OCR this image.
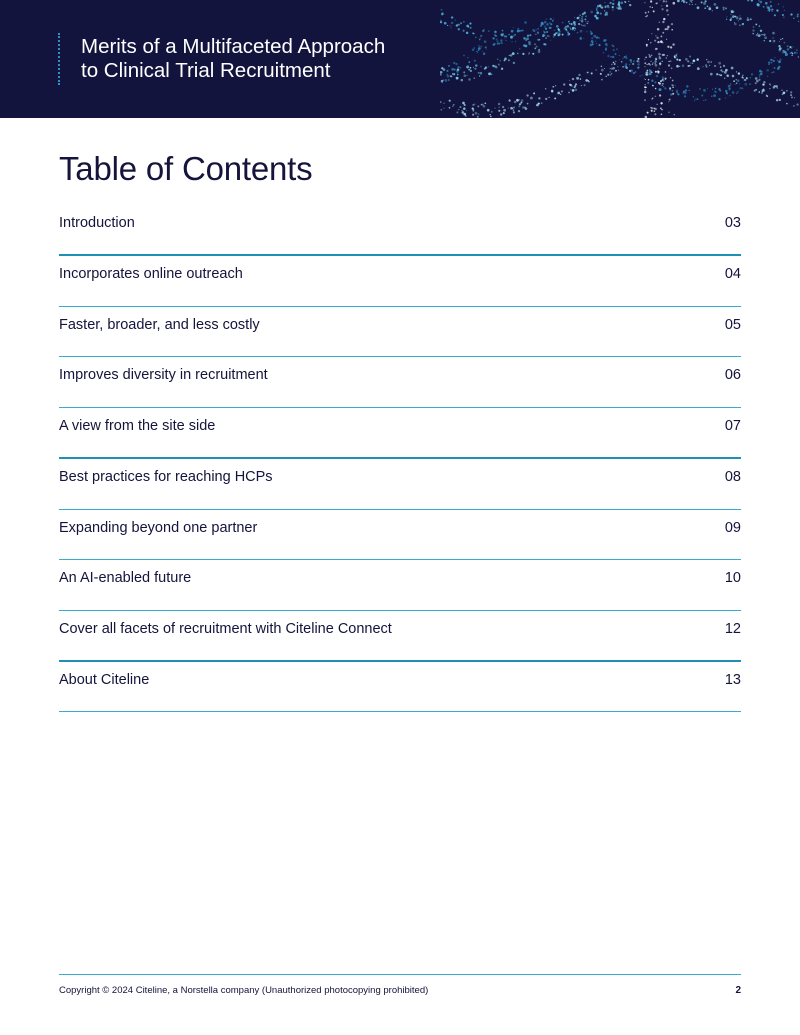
Merits of a Multifaceted Approach
to Clinical Trial Recruitment
Table of Contents
Introduction	03
Incorporates online outreach	04
Faster, broader, and less costly	05
Improves diversity in recruitment	06
A view from the site side	07
Best practices for reaching HCPs	08
Expanding beyond one partner	09
An AI-enabled future	10
Cover all facets of recruitment with Citeline Connect	12
About Citeline	13
Copyright © 2024 Citeline, a Norstella company (Unauthorized photocopying prohibited)	2
